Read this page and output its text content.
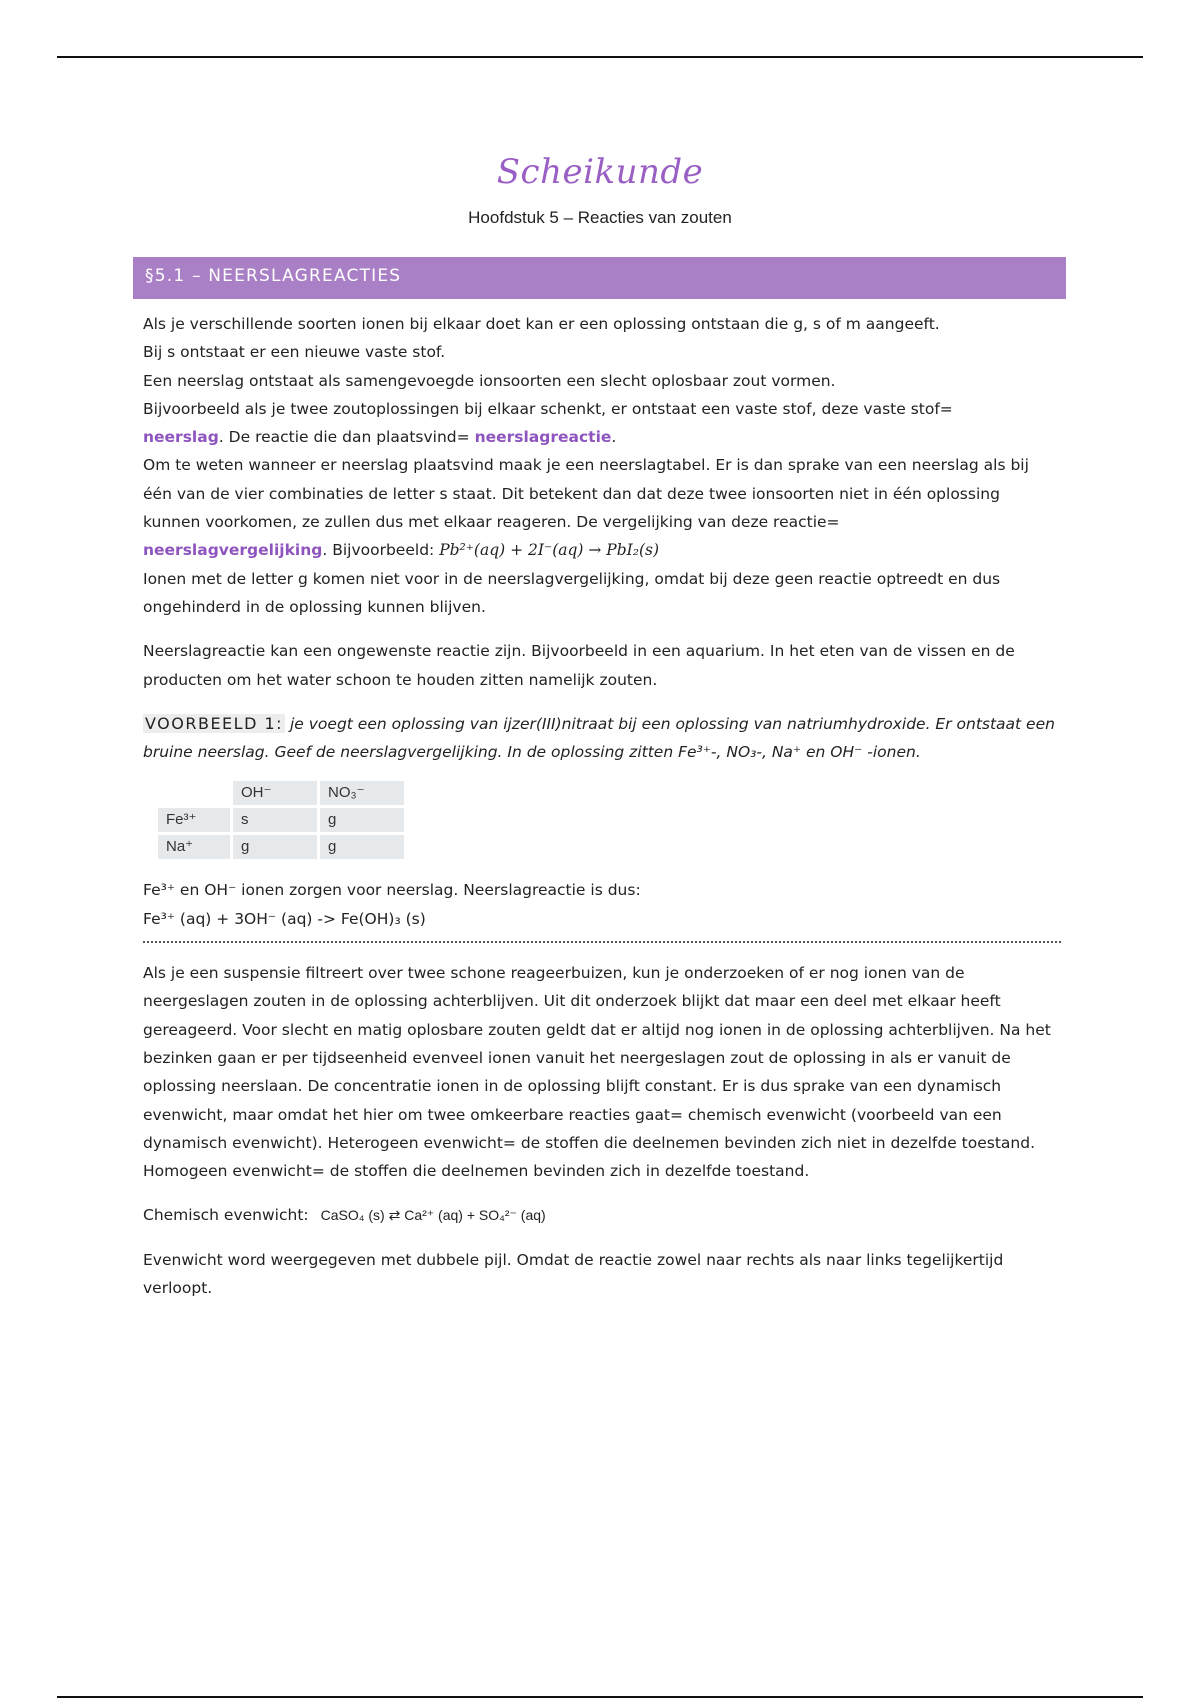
Scheikunde
Hoofdstuk 5 – Reacties van zouten
§5.1 – NEERSLAGREACTIES

Als je verschillende soorten ionen bij elkaar doet kan er een oplossing ontstaan die g, s of m aangeeft.

Bij s ontstaat er een nieuwe vaste stof.

Een neerslag ontstaat als samengevoegde ionsoorten een slecht oplosbaar zout vormen.

Bijvoorbeeld als je twee zoutoplossingen bij elkaar schenkt, er ontstaat een vaste stof, deze vaste stof=

neerslag. De reactie die dan plaatsvind= neerslagreactie.

Om te weten wanneer er neerslag plaatsvind maak je een neerslagtabel. Er is dan sprake van een neerslag als bij één van de vier combinaties de letter s staat. Dit betekent dan dat deze twee ionsoorten niet in één oplossing kunnen voorkomen, ze zullen dus met elkaar reageren. De vergelijking van deze reactie=

neerslagvergelijking. Bijvoorbeeld: Pb²⁺(aq) + 2I⁻(aq) → PbI₂(s)

Ionen met de letter g komen niet voor in de neerslagvergelijking, omdat bij deze geen reactie optreedt en dus ongehinderd in de oplossing kunnen blijven.

Neerslagreactie kan een ongewenste reactie zijn. Bijvoorbeeld in een aquarium. In het eten van de vissen en de producten om het water schoon te houden zitten namelijk zouten.

VOORBEELD 1: je voegt een oplossing van ijzer(III)nitraat bij een oplossing van natriumhydroxide. Er ontstaat een bruine neerslag. Geef de neerslagvergelijking. In de oplossing zitten Fe³⁺-, NO₃-, Na⁺ en OH⁻ -ionen.

	OH⁻	NO₃⁻
Fe³⁺	s	g
Na⁺	g	g

Fe³⁺ en OH⁻ ionen zorgen voor neerslag. Neerslagreactie is dus:

Fe³⁺ (aq) + 3OH⁻ (aq) -> Fe(OH)₃ (s)

Als je een suspensie filtreert over twee schone reageerbuizen, kun je onderzoeken of er nog ionen van de neergeslagen zouten in de oplossing achterblijven. Uit dit onderzoek blijkt dat maar een deel met elkaar heeft gereageerd. Voor slecht en matig oplosbare zouten geldt dat er altijd nog ionen in de oplossing achterblijven. Na het bezinken gaan er per tijdseenheid evenveel ionen vanuit het neergeslagen zout de oplossing in als er vanuit de oplossing neerslaan. De concentratie ionen in de oplossing blijft constant. Er is dus sprake van een dynamisch evenwicht, maar omdat het hier om twee omkeerbare reacties gaat= chemisch evenwicht (voorbeeld van een dynamisch evenwicht). Heterogeen evenwicht= de stoffen die deelnemen bevinden zich niet in dezelfde toestand. Homogeen evenwicht= de stoffen die deelnemen bevinden zich in dezelfde toestand.

Chemisch evenwicht: CaSO₄ (s) ⇄ Ca²⁺ (aq) + SO₄²⁻ (aq)

Evenwicht word weergegeven met dubbele pijl. Omdat de reactie zowel naar rechts als naar links tegelijkertijd verloopt.
